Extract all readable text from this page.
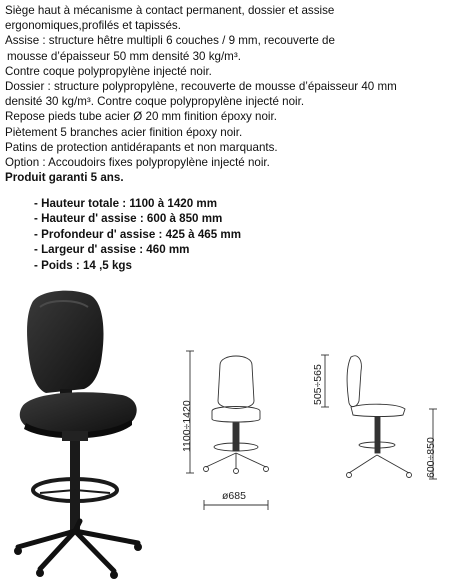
Siège haut à mécanisme à contact permanent, dossier et assise

ergonomiques,profilés et tapissés.

Assise : structure hêtre multipli 6 couches / 9 mm, recouverte de

mousse d’épaisseur 50 mm densité 30 kg/m³.

Contre coque polypropylène injecté noir.

Dossier : structure polypropylène, recouverte de mousse d’épaisseur 40 mm

densité 30 kg/m³. Contre coque polypropylène injecté noir.

Repose pieds tube acier Ø 20 mm finition époxy noir.

Piètement 5 branches acier finition époxy noir.

Patins de protection antidérapants et non marquants.

Option : Accoudoirs fixes polypropylène injecté noir.

Produit garanti 5 ans.

- Hauteur totale : 1100 à 1420 mm
- Hauteur d' assise : 600 à 850 mm
- Profondeur d' assise : 425 à 465 mm
- Largeur d' assise : 460 mm
- Poids : 14 ,5 kgs
1100÷1420
ø685
505÷565
600÷850
